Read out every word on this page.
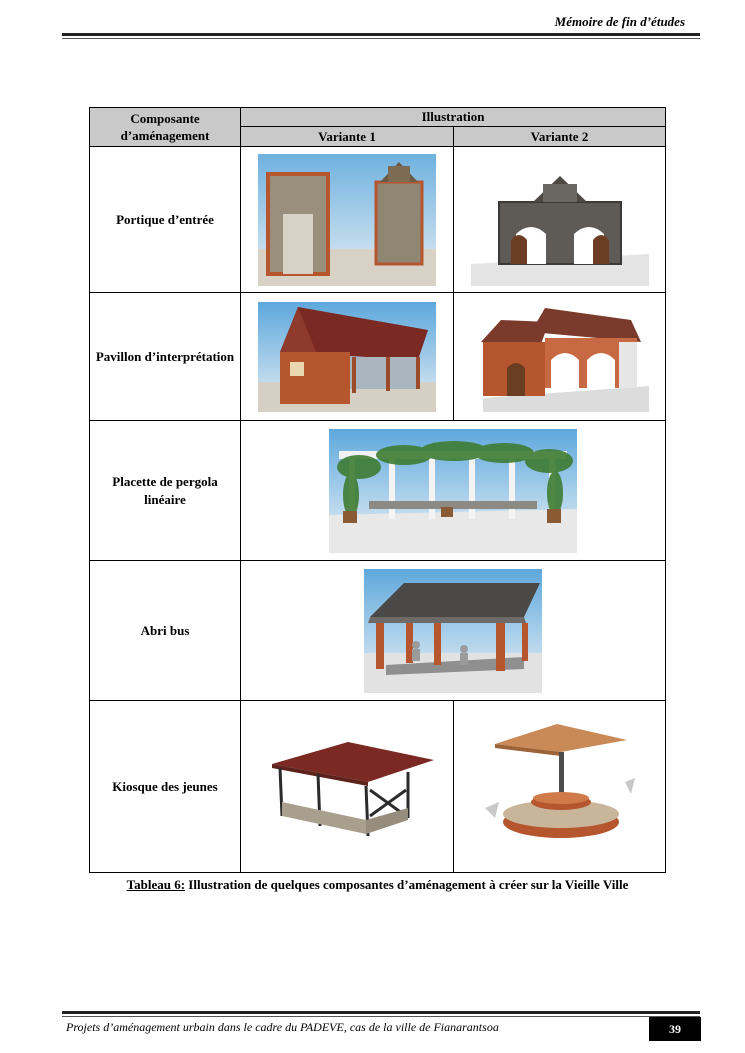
Mémoire de fin d’études
Composante d’aménagement	Illustration	
	Variante 1	Variante 2
Portique d’entrée	

Pavillon d’interprétation	

Placette de pergola linéaire	

Abri bus	

Kiosque des jeunes	

Tableau 6: Illustration de quelques composantes d’aménagement à créer sur la Vieille Ville
Projets d’aménagement urbain dans le cadre du PADEVE, cas de la ville de Fianarantsoa	39
